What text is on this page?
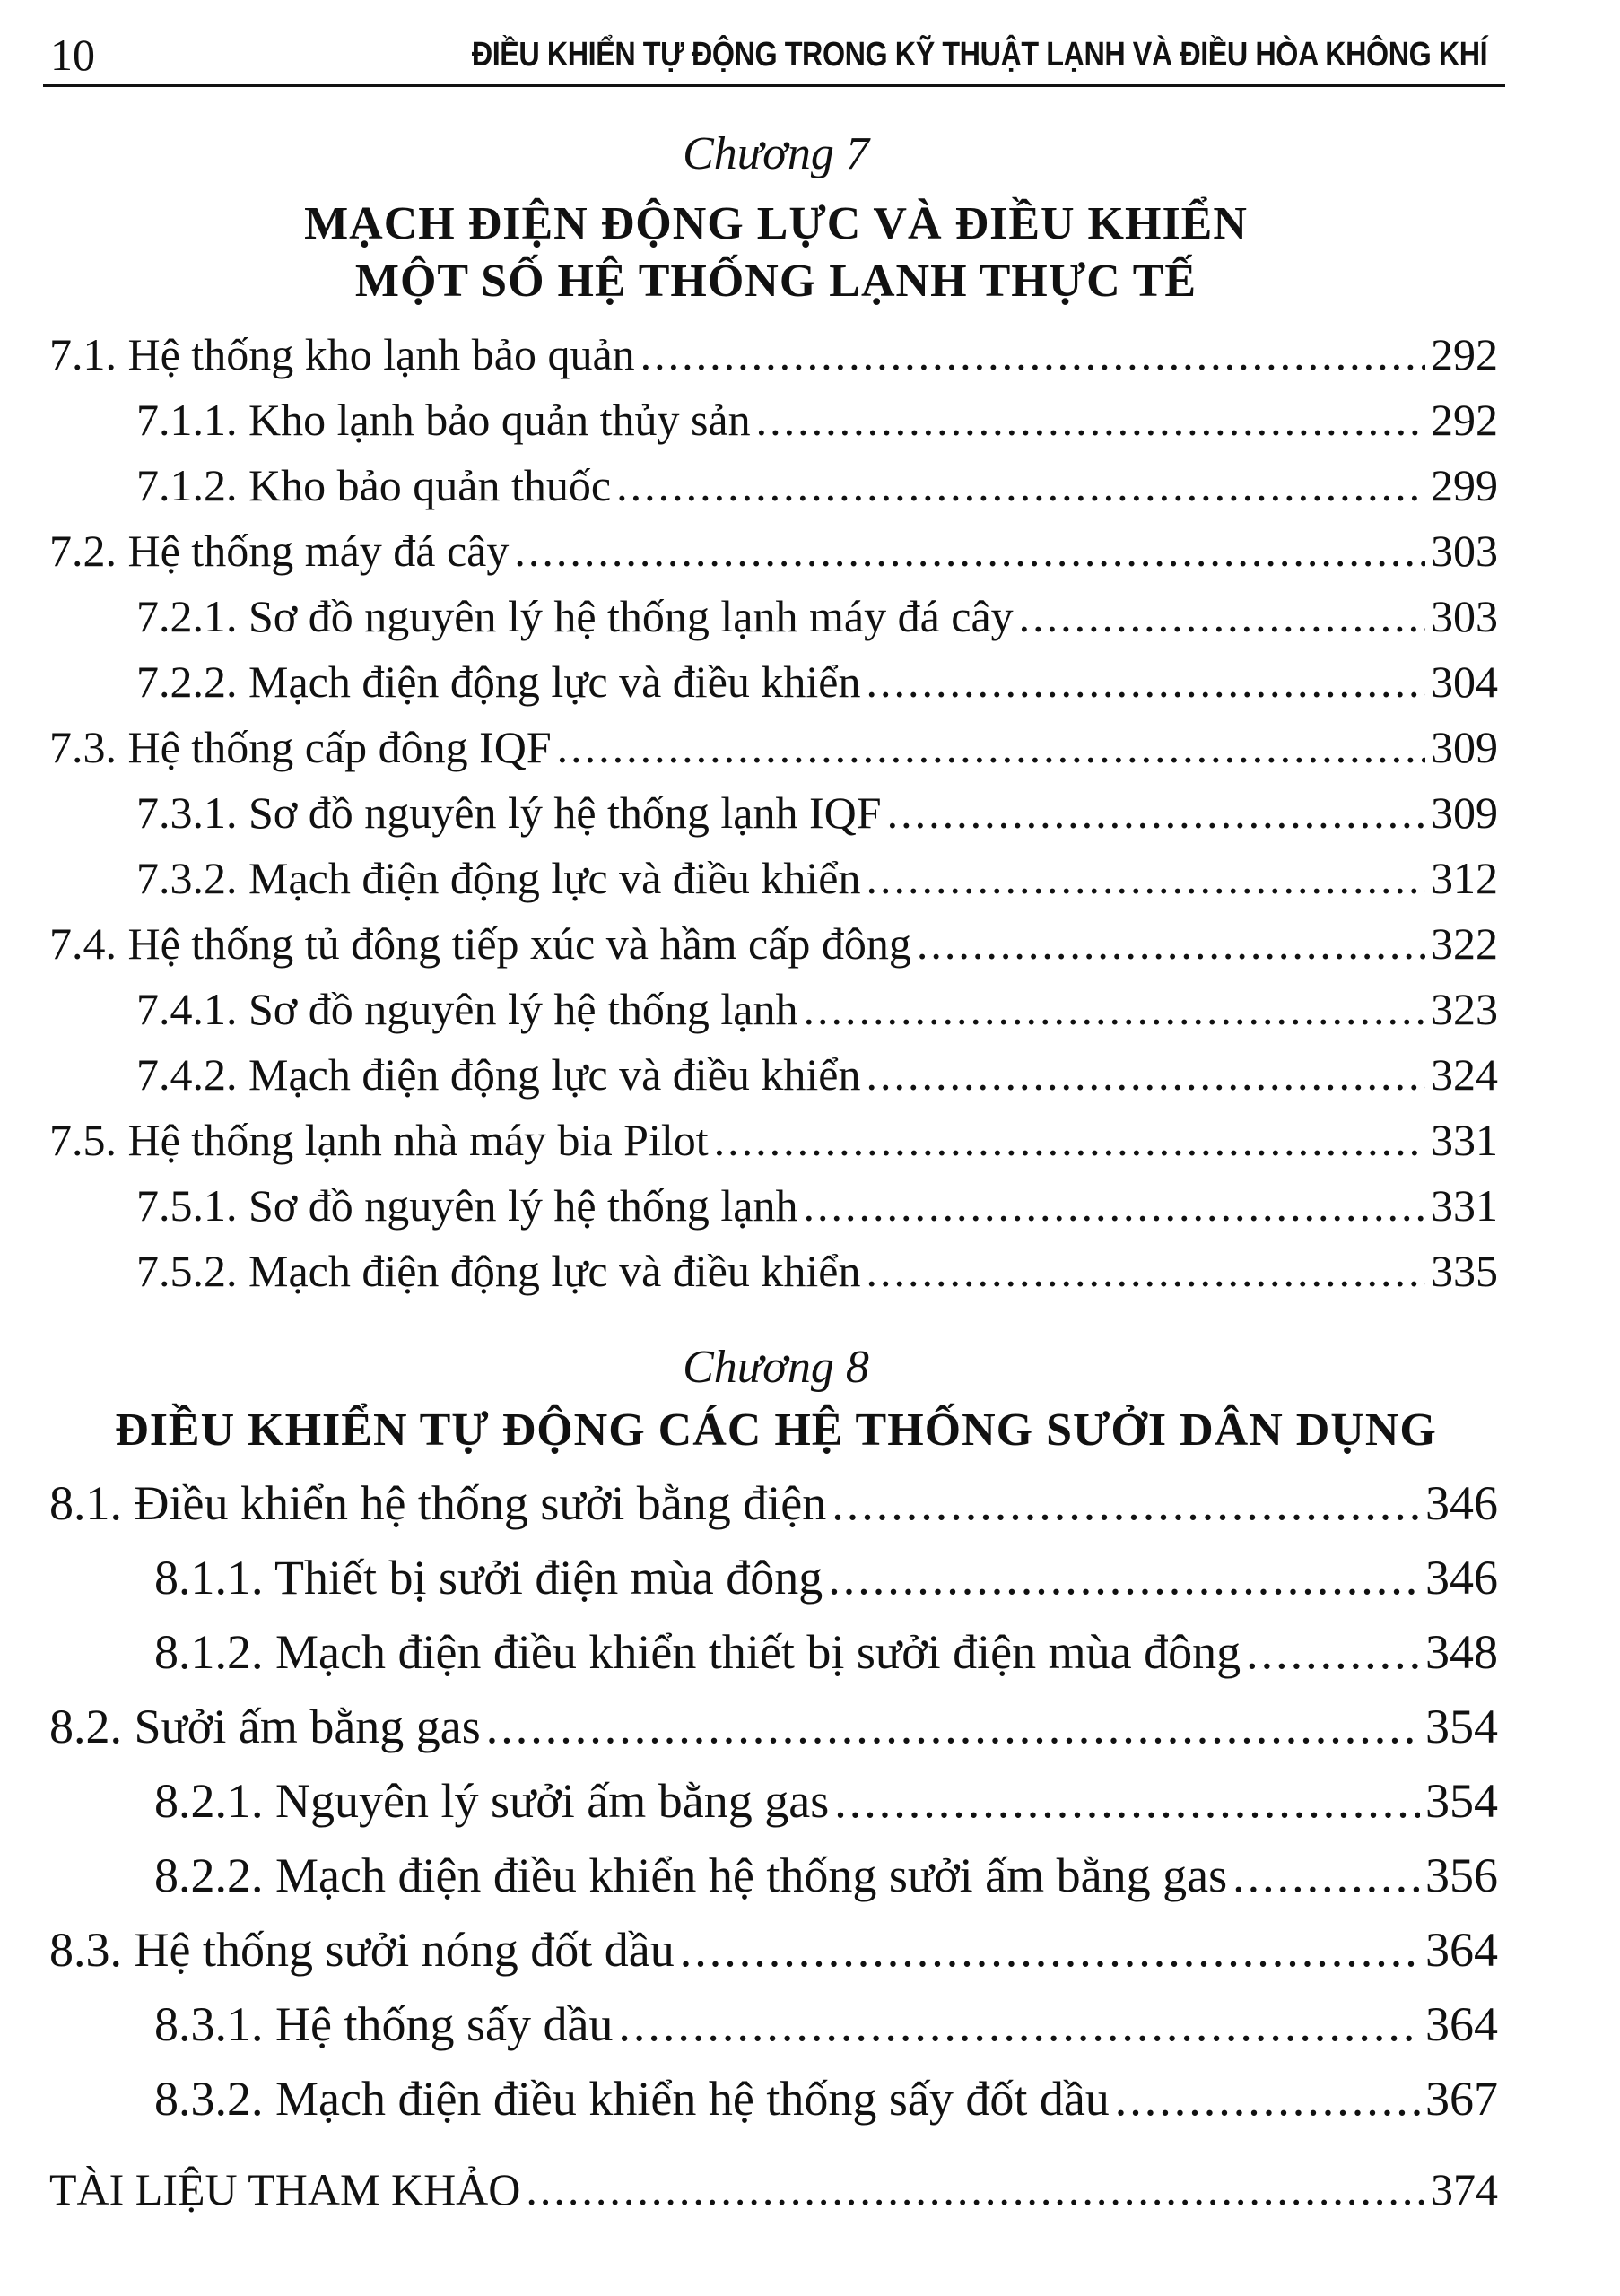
10	ĐIỀU KHIỂN TỰ ĐỘNG TRONG KỸ THUẬT LẠNH VÀ ĐIỀU HÒA KHÔNG KHÍ
Chương 7
MẠCH ĐIỆN ĐỘNG LỰC VÀ ĐIỀU KHIỂN
MỘT SỐ HỆ THỐNG LẠNH THỰC TẾ
7.1. Hệ thống kho lạnh bảo quản .....	292
7.1.1. Kho lạnh bảo quản thủy sản .....	292
7.1.2. Kho bảo quản thuốc .....	299
7.2. Hệ thống máy đá cây .....	303
7.2.1. Sơ đồ nguyên lý hệ thống lạnh máy đá cây .....	303
7.2.2. Mạch điện động lực và điều khiển .....	304
7.3. Hệ thống cấp đông IQF .....	309
7.3.1. Sơ đồ nguyên lý hệ thống lạnh IQF .....	309
7.3.2. Mạch điện động lực và điều khiển .....	312
7.4. Hệ thống tủ đông tiếp xúc và hầm cấp đông .....	322
7.4.1. Sơ đồ nguyên lý hệ thống lạnh .....	323
7.4.2. Mạch điện động lực và điều khiển .....	324
7.5. Hệ thống lạnh nhà máy bia Pilot .....	331
7.5.1. Sơ đồ nguyên lý hệ thống lạnh .....	331
7.5.2. Mạch điện động lực và điều khiển .....	335
Chương 8
ĐIỀU KHIỂN TỰ ĐỘNG CÁC HỆ THỐNG SƯỞI DÂN DỤNG
8.1. Điều khiển hệ thống sưởi bằng điện .....	346
8.1.1. Thiết bị sưởi điện mùa đông .....	346
8.1.2. Mạch điện điều khiển thiết bị sưởi điện mùa đông .....	348
8.2. Sưởi ấm bằng gas .....	354
8.2.1. Nguyên lý sưởi ấm bằng gas .....	354
8.2.2. Mạch điện điều khiển hệ thống sưởi ấm bằng gas .....	356
8.3. Hệ thống sưởi nóng đốt dầu .....	364
8.3.1. Hệ thống sấy dầu .....	364
8.3.2. Mạch điện điều khiển hệ thống sấy đốt dầu .....	367
TÀI LIỆU THAM KHẢO .....	374
